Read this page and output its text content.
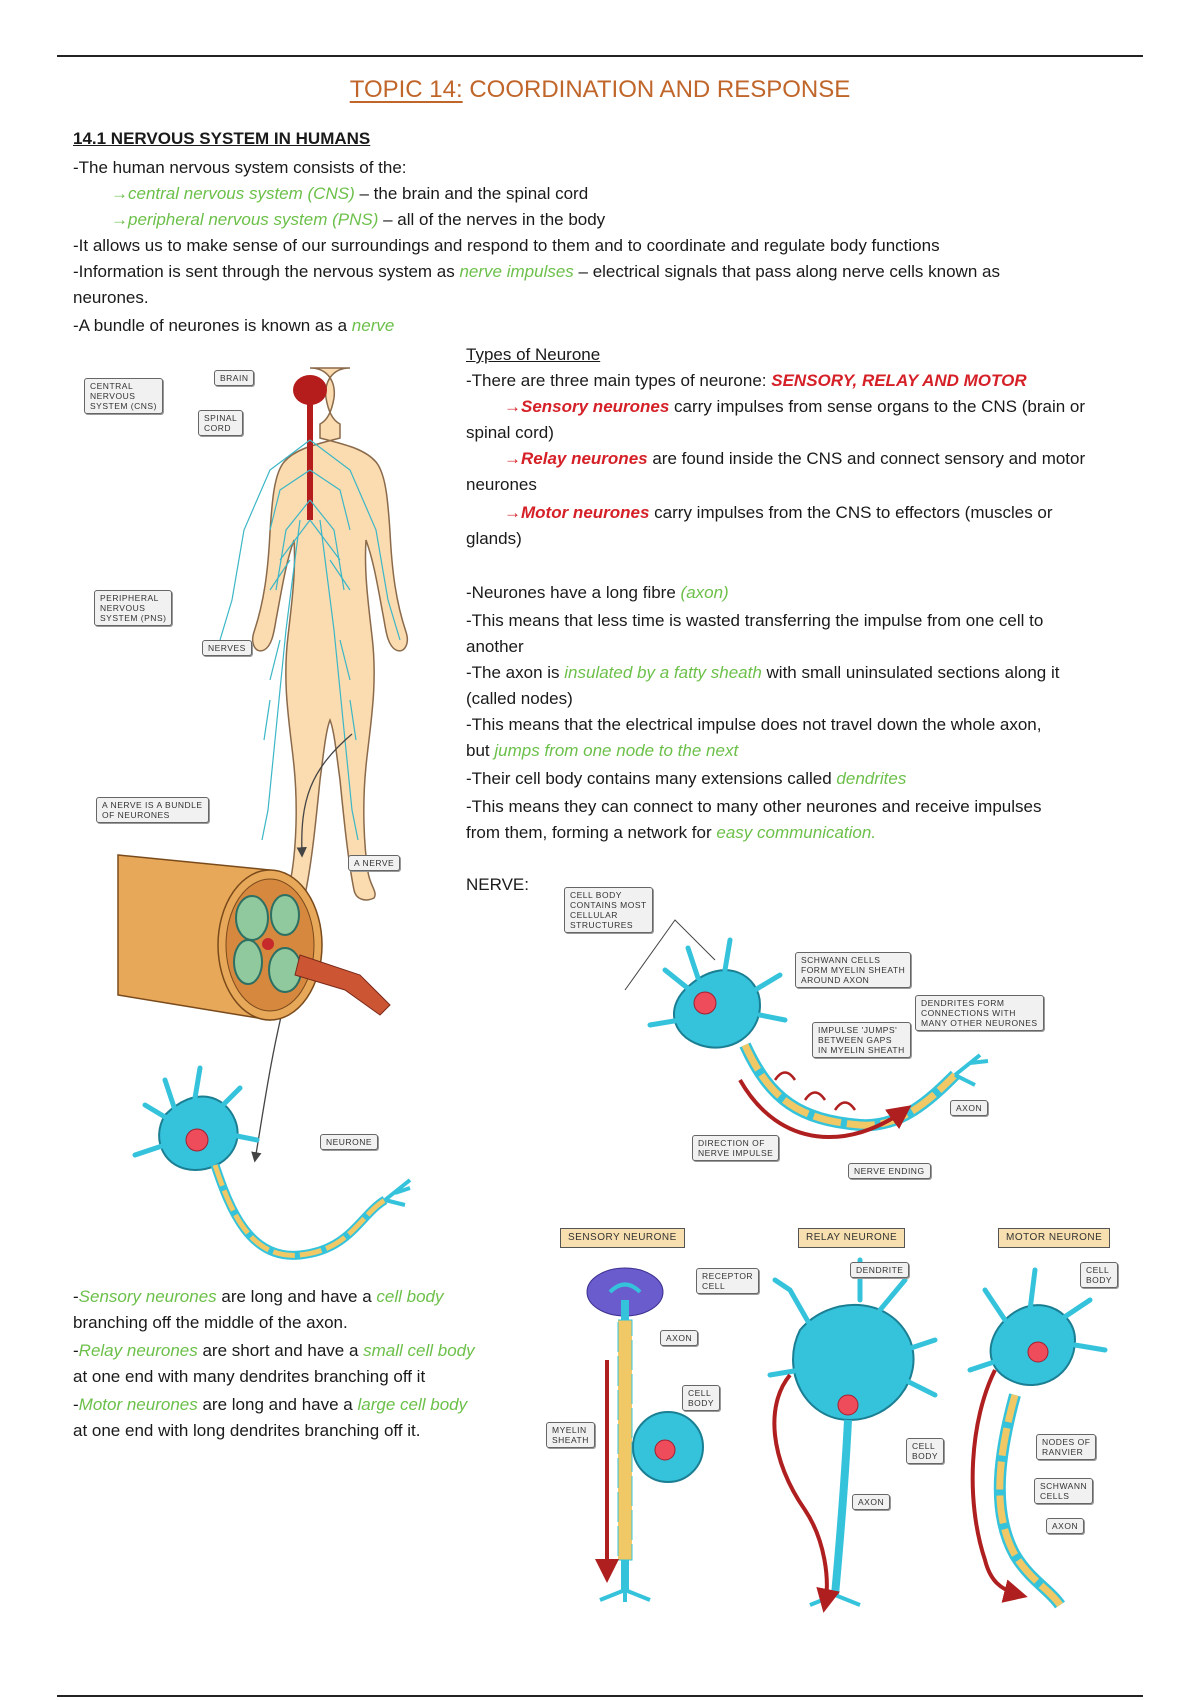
TOPIC 14: COORDINATION AND RESPONSE
14.1 NERVOUS SYSTEM IN HUMANS
-The human nervous system consists of the:
→central nervous system (CNS) – the brain and the spinal cord
→peripheral nervous system (PNS) – all of the nerves in the body
-It allows us to make sense of our surroundings and respond to them and to coordinate and regulate body functions
-Information is sent through the nervous system as nerve impulses – electrical signals that pass along nerve cells known as
neurones.
-A bundle of neurones is known as a nerve
Types of Neurone
-There are three main types of neurone: SENSORY, RELAY AND MOTOR
→Sensory neurones carry impulses from sense organs to the CNS (brain or
spinal cord)
→Relay neurones are found inside the CNS and connect sensory and motor
neurones
→Motor neurones carry impulses from the CNS to effectors (muscles or
glands)
-Neurones have a long fibre (axon)
-This means that less time is wasted transferring the impulse from one cell to
another
-The axon is insulated by a fatty sheath with small uninsulated sections along it
(called nodes)
-This means that the electrical impulse does not travel down the whole axon,
but jumps from one node to the next
-Their cell body contains many extensions called dendrites
-This means they can connect to many other neurones and receive impulses
from them, forming a network for easy communication.
NERVE:
-Sensory neurones are long and have a cell body
branching off the middle of the axon.
-Relay neurones are short and have a small cell body
at one end with many dendrites branching off it
-Motor neurones are long and have a large cell body
at one end with long dendrites branching off it.
CENTRAL
NERVOUS
SYSTEM (CNS)
BRAIN
SPINAL
CORD
PERIPHERAL
NERVOUS
SYSTEM (PNS)
NERVES
A NERVE IS A BUNDLE
OF NEURONES
A NERVE
NEURONE
CELL BODY
CONTAINS MOST
CELLULAR
STRUCTURES
SCHWANN CELLS
FORM MYELIN SHEATH
AROUND AXON
DENDRITES FORM
CONNECTIONS WITH
MANY OTHER NEURONES
IMPULSE 'JUMPS'
BETWEEN GAPS
IN MYELIN SHEATH
AXON
DIRECTION OF
NERVE IMPULSE
NERVE ENDING
SENSORY NEURONE	RELAY NEURONE	MOTOR NEURONE
RECEPTOR
CELL
AXON
CELL
BODY
MYELIN
SHEATH
DENDRITE
CELL
BODY
AXON
CELL
BODY
NODES OF
RANVIER
SCHWANN
CELLS
AXON
